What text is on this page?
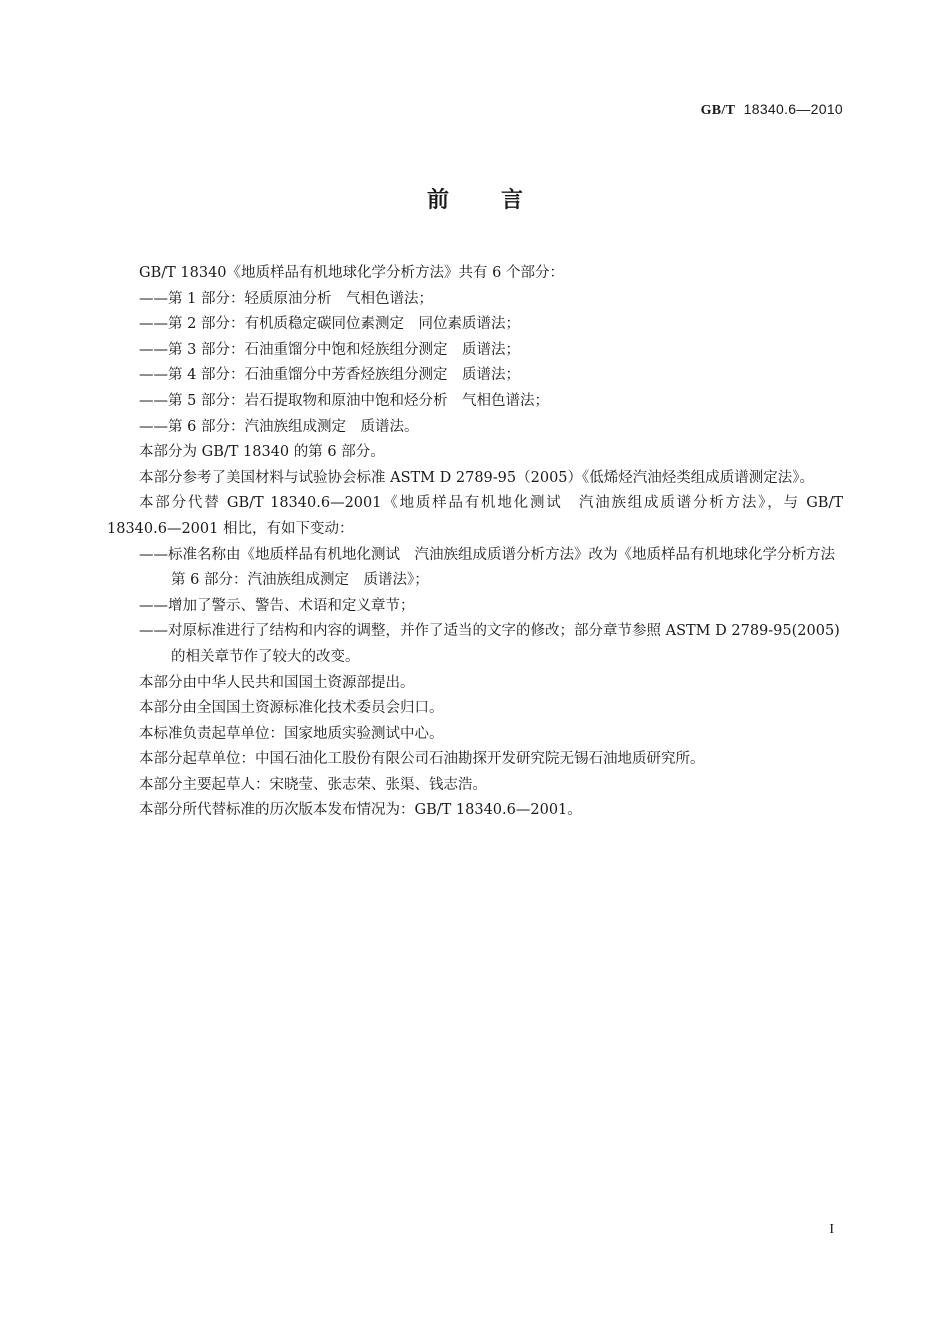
GB/T 18340.6—2010
前言

GB/T 18340《地质样品有机地球化学分析方法》共有 6 个部分：

——第 1 部分：轻质原油分析　气相色谱法；

——第 2 部分：有机质稳定碳同位素测定　同位素质谱法；

——第 3 部分：石油重馏分中饱和烃族组分测定　质谱法；

——第 4 部分：石油重馏分中芳香烃族组分测定　质谱法；

——第 5 部分：岩石提取物和原油中饱和烃分析　气相色谱法；

——第 6 部分：汽油族组成测定　质谱法。

本部分为 GB/T 18340 的第 6 部分。

本部分参考了美国材料与试验协会标准 ASTM D 2789-95（2005）《低烯烃汽油烃类组成质谱测定法》。

本部分代替 GB/T 18340.6—2001《地质样品有机地化测试　汽油族组成质谱分析方法》，与 GB/T 18340.6—2001 相比，有如下变动：

——标准名称由《地质样品有机地化测试　汽油族组成质谱分析方法》改为《地质样品有机地球化学分析方法　第 6 部分：汽油族组成测定　质谱法》；

——增加了警示、警告、术语和定义章节；

——对原标准进行了结构和内容的调整，并作了适当的文字的修改；部分章节参照 ASTM D 2789-95(2005)的相关章节作了较大的改变。

本部分由中华人民共和国国土资源部提出。

本部分由全国国土资源标准化技术委员会归口。

本标准负责起草单位：国家地质实验测试中心。

本部分起草单位：中国石油化工股份有限公司石油勘探开发研究院无锡石油地质研究所。

本部分主要起草人：宋晓莹、张志荣、张渠、钱志浩。

本部分所代替标准的历次版本发布情况为：GB/T 18340.6—2001。

I
